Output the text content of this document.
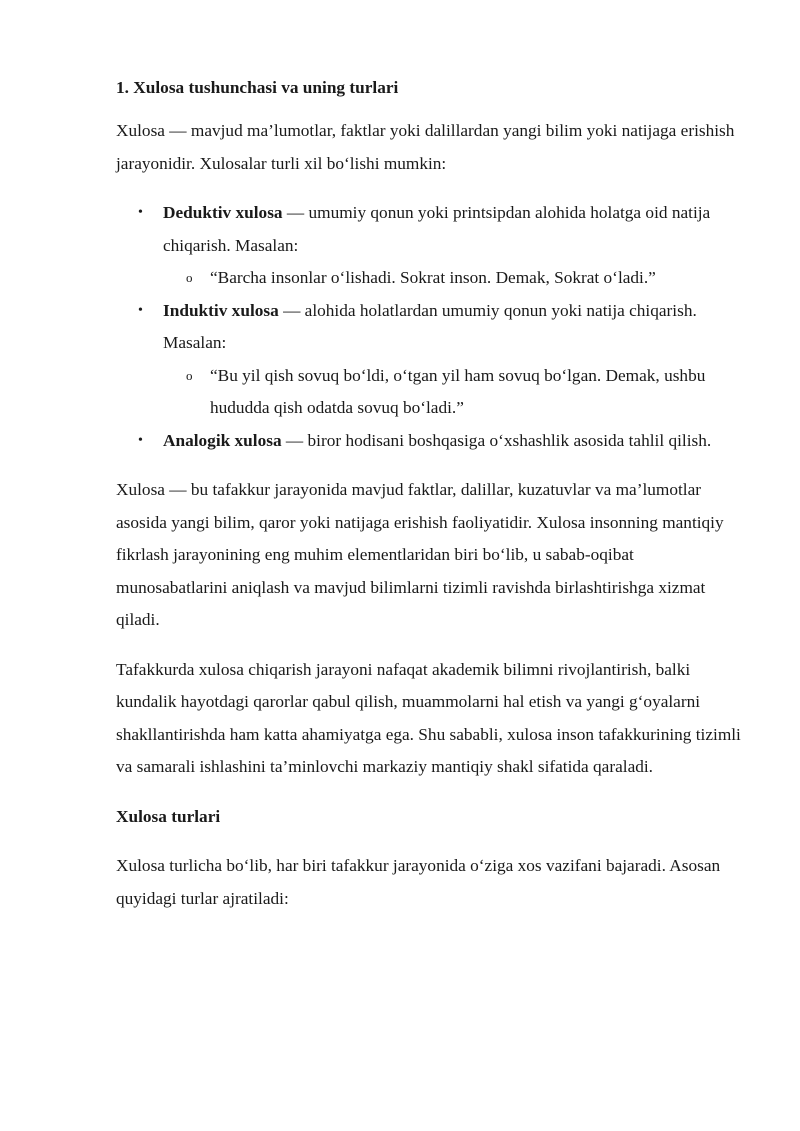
1. Xulosa tushunchasi va uning turlari

Xulosa — mavjud ma’lumotlar, faktlar yoki dalillardan yangi bilim yoki natijaga erishish jarayonidir. Xulosalar turli xil bo‘lishi mumkin:

• Deduktiv xulosa — umumiy qonun yoki printsipdan alohida holatga oid natija chiqarish. Masalan:
o “Barcha insonlar o‘lishadi. Sokrat inson. Demak, Sokrat o‘ladi.”
• Induktiv xulosa — alohida holatlardan umumiy qonun yoki natija chiqarish. Masalan:
o “Bu yil qish sovuq bo‘ldi, o‘tgan yil ham sovuq bo‘lgan. Demak, ushbu hududda qish odatda sovuq bo‘ladi.”
• Analogik xulosa — biror hodisani boshqasiga o‘xshashlik asosida tahlil qilish.

Xulosa — bu tafakkur jarayonida mavjud faktlar, dalillar, kuzatuvlar va ma’lumotlar asosida yangi bilim, qaror yoki natijaga erishish faoliyatidir. Xulosa insonning mantiqiy fikrlash jarayonining eng muhim elementlaridan biri bo‘lib, u sabab-oqibat munosabatlarini aniqlash va mavjud bilimlarni tizimli ravishda birlashtirishga xizmat qiladi.

Tafakkurda xulosa chiqarish jarayoni nafaqat akademik bilimni rivojlantirish, balki kundalik hayotdagi qarorlar qabul qilish, muammolarni hal etish va yangi g‘oyalarni shakllantirishda ham katta ahamiyatga ega. Shu sababli, xulosa inson tafakkurining tizimli va samarali ishlashini ta’minlovchi markaziy mantiqiy shakl sifatida qaraladi.

Xulosa turlari

Xulosa turlicha bo‘lib, har biri tafakkur jarayonida o‘ziga xos vazifani bajaradi. Asosan quyidagi turlar ajratiladi:
